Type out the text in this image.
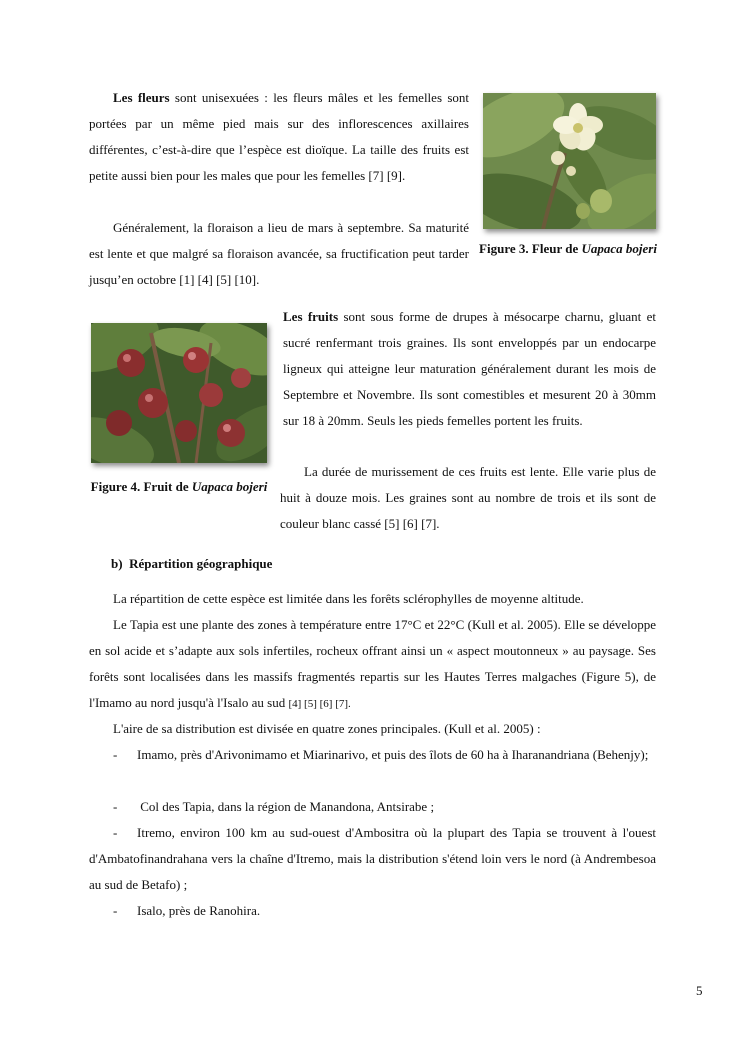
Les fleurs sont unisexuées : les fleurs mâles et les femelles sont portées par un même pied mais sur des inflorescences axillaires différentes, c’est-à-dire que l’espèce est dioïque. La taille des fruits est petite aussi bien pour les males que pour les femelles [7] [9].

Généralement, la floraison a lieu de mars à septembre. Sa maturité est lente et que malgré sa floraison avancée, sa fructification peut tarder jusqu’en octobre [1] [4] [5] [10].

Figure 3. Fleur de Uapaca bojeri

Figure 4. Fruit de Uapaca bojeri

Les fruits sont sous forme de drupes à mésocarpe charnu, gluant et sucré renfermant trois graines. Ils sont enveloppés par un endocarpe ligneux qui atteigne leur maturation généralement durant les mois de Septembre et Novembre. Ils sont comestibles et mesurent 20 à 30mm sur 18 à 20mm. Seuls les pieds femelles portent les fruits.

La durée de murissement de ces fruits est lente. Elle varie plus de huit à douze mois. Les graines sont au nombre de trois et ils sont de couleur blanc cassé [5] [6] [7].

b) Répartition géographique

La répartition de cette espèce est limitée dans les forêts sclérophylles de moyenne altitude.

Le Tapia est une plante des zones à température entre 17°C et 22°C (Kull et al. 2005). Elle se développe en sol acide et s’adapte aux sols infertiles, rocheux offrant ainsi un « aspect moutonneux » au paysage. Ses forêts sont localisées dans les massifs fragmentés repartis sur les Hautes Terres malgaches (Figure 5), de l'Imamo au nord jusqu'à l'Isalo au sud [4] [5] [6] [7].

L'aire de sa distribution est divisée en quatre zones principales. (Kull et al. 2005) :

- Imamo, près d'Arivonimamo et Miarinarivo, et puis des îlots de 60 ha à Iharanandriana (Behenjy);

- Col des Tapia, dans la région de Manandona, Antsirabe ;

- Itremo, environ 100 km au sud-ouest d'Ambositra où la plupart des Tapia se trouvent à l'ouest d'Ambatofinandrahana vers la chaîne d'Itremo, mais la distribution s'étend loin vers le nord (à Andrembesoa au sud de Betafo) ;

- Isalo, près de Ranohira.

5
